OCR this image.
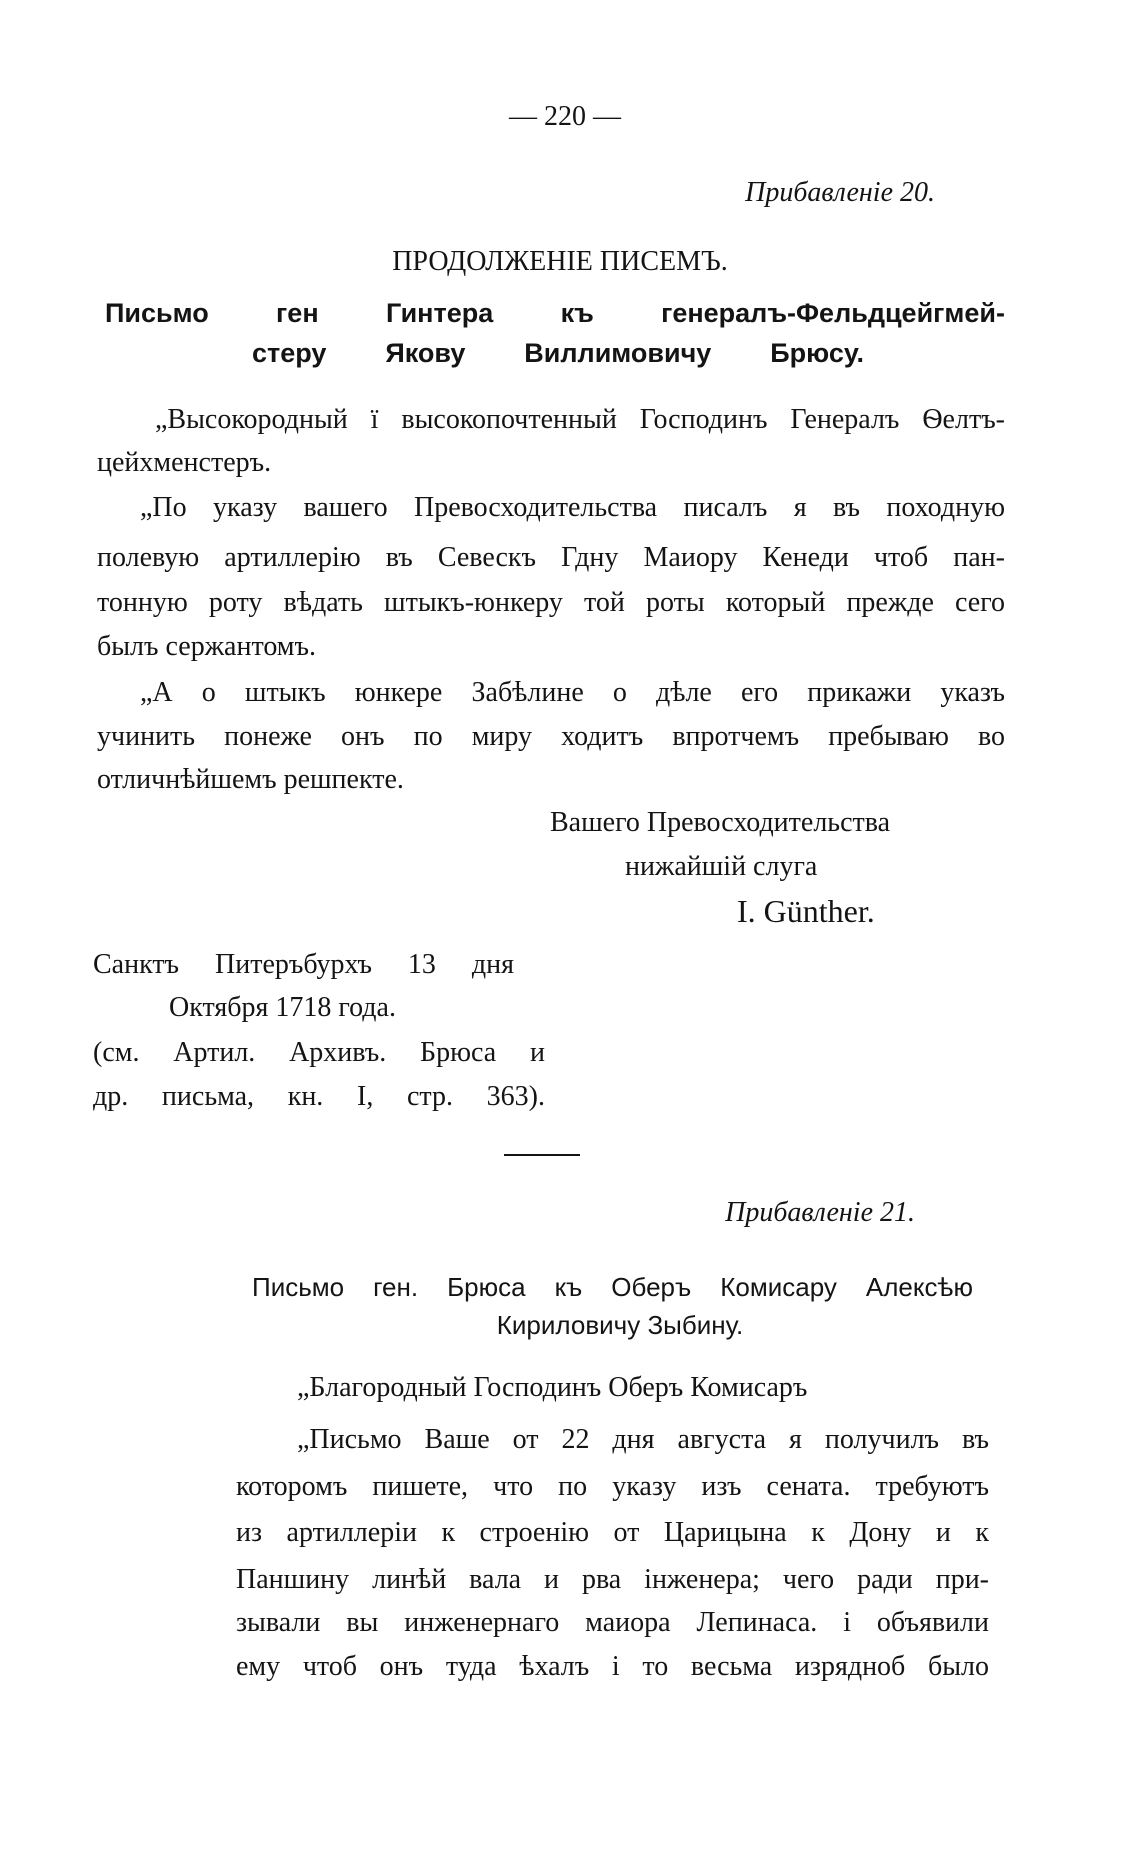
— 220 —
Прибавленіе 20.
ПРОДОЛЖЕНІЕ ПИСЕМЪ.
Письмо ген Гинтера къ генералъ-Фельдцейгмей-
стеру Якову Виллимовичу Брюсу.
„Высокородный ї высокопочтенный Господинъ Генералъ Ѳелтъ-
цейхменстеръ.
„По указу вашего Превосходительства писалъ я въ походную
полевую артиллерію въ Севескъ Гдну Маиору Кенеди чтоб пан-
тонную роту вѣдать штыкъ-юнкеру той роты который прежде сего
былъ сержантомъ.
„А о штыкъ юнкере Забѣлине о дѣле его прикажи указъ
учинить понеже онъ по миру ходитъ впротчемъ пребываю во
отличнѣйшемъ решпекте.
Вашего Превосходительства
нижайшій слуга
I. Günther.
Санктъ Питеръбурхъ 13 дня
Октября 1718 года.
(см. Артил. Архивъ. Брюса и
др. письма, кн. I, стр. 363).
Прибавленіе 21.
Письмо ген. Брюса къ Оберъ Комисару Алексѣю
Кириловичу Зыбину.
„Благородный Господинъ Оберъ Комисаръ
„Письмо Ваше от 22 дня августа я получилъ въ
которомъ пишете, что по указу изъ сената. требуютъ
из артиллеріи к строенію от Царицына к Дону и к
Паншину линѣй вала и рва інженера; чего ради при-
зывали вы инженернаго маиора Лепинаса. і объявили
ему чтоб онъ туда ѣхалъ і то весьма изрядноб было
